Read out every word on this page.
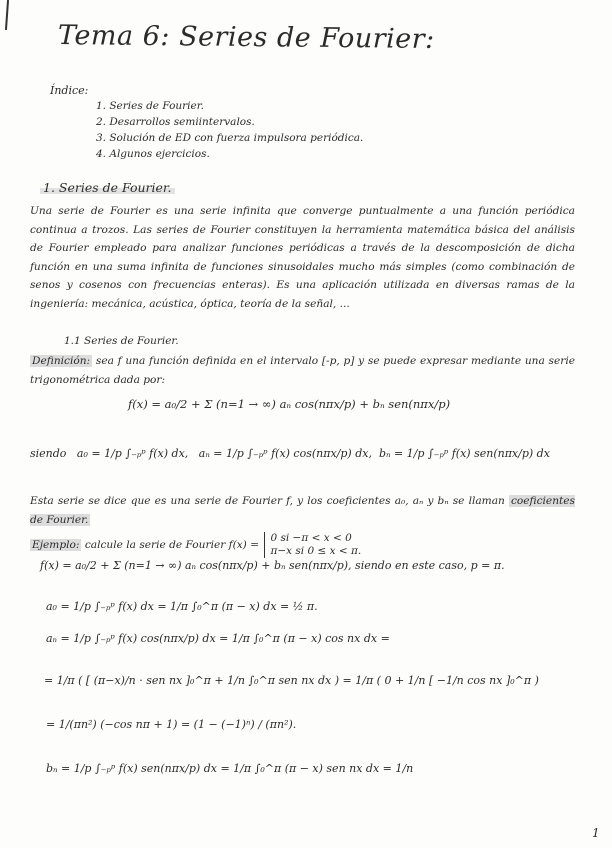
Tema 6: Series de Fourier:
Índice:
1. Series de Fourier.
2. Desarrollos semiintervalos.
3. Solución de ED con fuerza impulsora periódica.
4. Algunos ejercicios.
1. Series de Fourier.

Una serie de Fourier es una serie infinita que converge puntualmente a una función periódica continua a trozos. Las series de Fourier constituyen la herramienta matemática básica del análisis de Fourier empleado para analizar funciones periódicas a través de la descomposición de dicha función en una suma infinita de funciones sinusoidales mucho más simples (como combinación de senos y cosenos con frecuencias enteras). Es una aplicación utilizada en diversas ramas de la ingeniería: mecánica, acústica, óptica, teoría de la señal, ...

1.1 Series de Fourier.

Definición: sea f una función definida en el intervalo [-p, p] y se puede expresar mediante una serie trigonométrica dada por:

f(x) = a₀/2 + Σ (n=1 → ∞) aₙ cos(nπx/p) + bₙ sen(nπx/p)
siendo a₀ = 1/p ∫₋ₚᵖ f(x) dx, aₙ = 1/p ∫₋ₚᵖ f(x) cos(nπx/p) dx, bₙ = 1/p ∫₋ₚᵖ f(x) sen(nπx/p) dx

Esta serie se dice que es una serie de Fourier f, y los coeficientes a₀, aₙ y bₙ se llaman coeficientes de Fourier.

Ejemplo: calcule la serie de Fourier f(x) =
0 si −π < x < 0
π−x si 0 ≤ x < π.

f(x) = a₀/2 + Σ (n=1 → ∞) aₙ cos(nπx/p) + bₙ sen(nπx/p), siendo en este caso, p = π.
a₀ = 1/p ∫₋ₚᵖ f(x) dx = 1/π ∫₀^π (π − x) dx = ½ π.
aₙ = 1/p ∫₋ₚᵖ f(x) cos(nπx/p) dx = 1/π ∫₀^π (π − x) cos nx dx =
= 1/π ( [ (π−x)/n · sen nx ]₀^π + 1/n ∫₀^π sen nx dx ) = 1/π ( 0 + 1/n [ −1/n cos nx ]₀^π )
= 1/(πn²) (−cos nπ + 1) = (1 − (−1)ⁿ) / (πn²).
bₙ = 1/p ∫₋ₚᵖ f(x) sen(nπx/p) dx = 1/π ∫₀^π (π − x) sen nx dx = 1/n
1
